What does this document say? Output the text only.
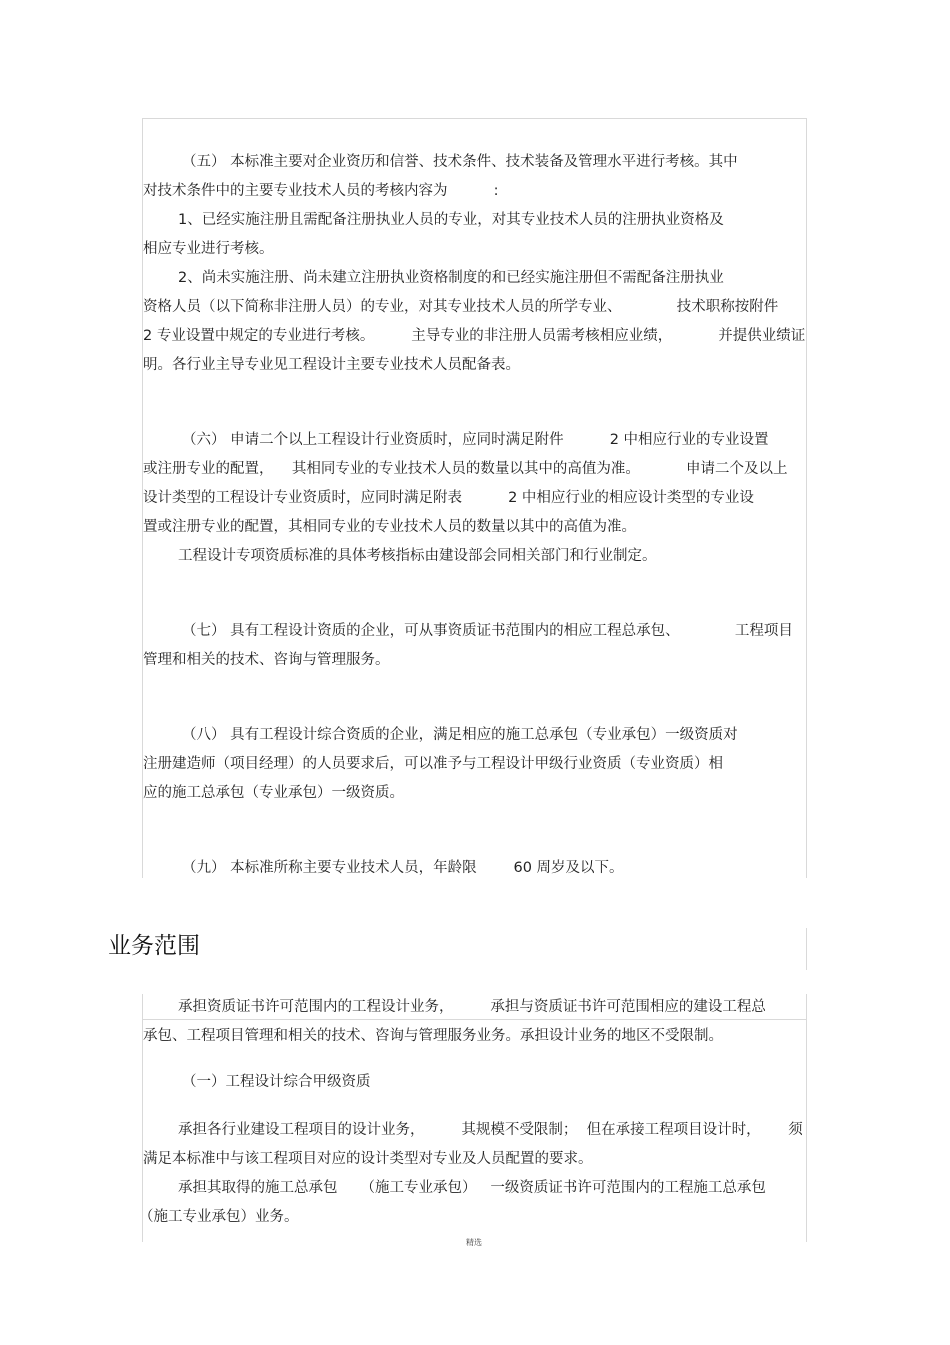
（五） 本标准主要对企业资历和信誉、技术条件、技术装备及管理水平进行考核。其中
对技术条件中的主要专业技术人员的考核内容为          :
1、已经实施注册且需配备注册执业人员的专业，对其专业技术人员的注册执业资格及
相应专业进行考核。
2、尚未实施注册、尚未建立注册执业资格制度的和已经实施注册但不需配备注册执业
资格人员（以下简称非注册人员）的专业，对其专业技术人员的所学专业、            技术职称按附件
2 专业设置中规定的专业进行考核。        主导专业的非注册人员需考核相应业绩，          并提供业绩证
明。各行业主导专业见工程设计主要专业技术人员配备表。
（六） 申请二个以上工程设计行业资质时，应同时满足附件          2 中相应行业的专业设置
或注册专业的配置，    其相同专业的专业技术人员的数量以其中的高值为准。          申请二个及以上
设计类型的工程设计专业资质时，应同时满足附表          2 中相应行业的相应设计类型的专业设
置或注册专业的配置，其相同专业的专业技术人员的数量以其中的高值为准。
工程设计专项资质标准的具体考核指标由建设部会同相关部门和行业制定。
（七） 具有工程设计资质的企业，可从事资质证书范围内的相应工程总承包、            工程项目
管理和相关的技术、咨询与管理服务。
（八） 具有工程设计综合资质的企业，满足相应的施工总承包（专业承包）一级资质对
注册建造师（项目经理）的人员要求后，可以准予与工程设计甲级行业资质（专业资质）相
应的施工总承包（专业承包）一级资质。
（九） 本标准所称主要专业技术人员，年龄限        60 周岁及以下。
业务范围
承担资质证书许可范围内的工程设计业务，        承担与资质证书许可范围相应的建设工程总
承包、工程项目管理和相关的技术、咨询与管理服务业务。承担设计业务的地区不受限制。
（一）工程设计综合甲级资质
承担各行业建设工程项目的设计业务，        其规模不受限制；  但在承接工程项目设计时，      须
满足本标准中与该工程项目对应的设计类型对专业及人员配置的要求。
承担其取得的施工总承包     （施工专业承包）   一级资质证书许可范围内的工程施工总承包
（施工专业承包）业务。
精选
